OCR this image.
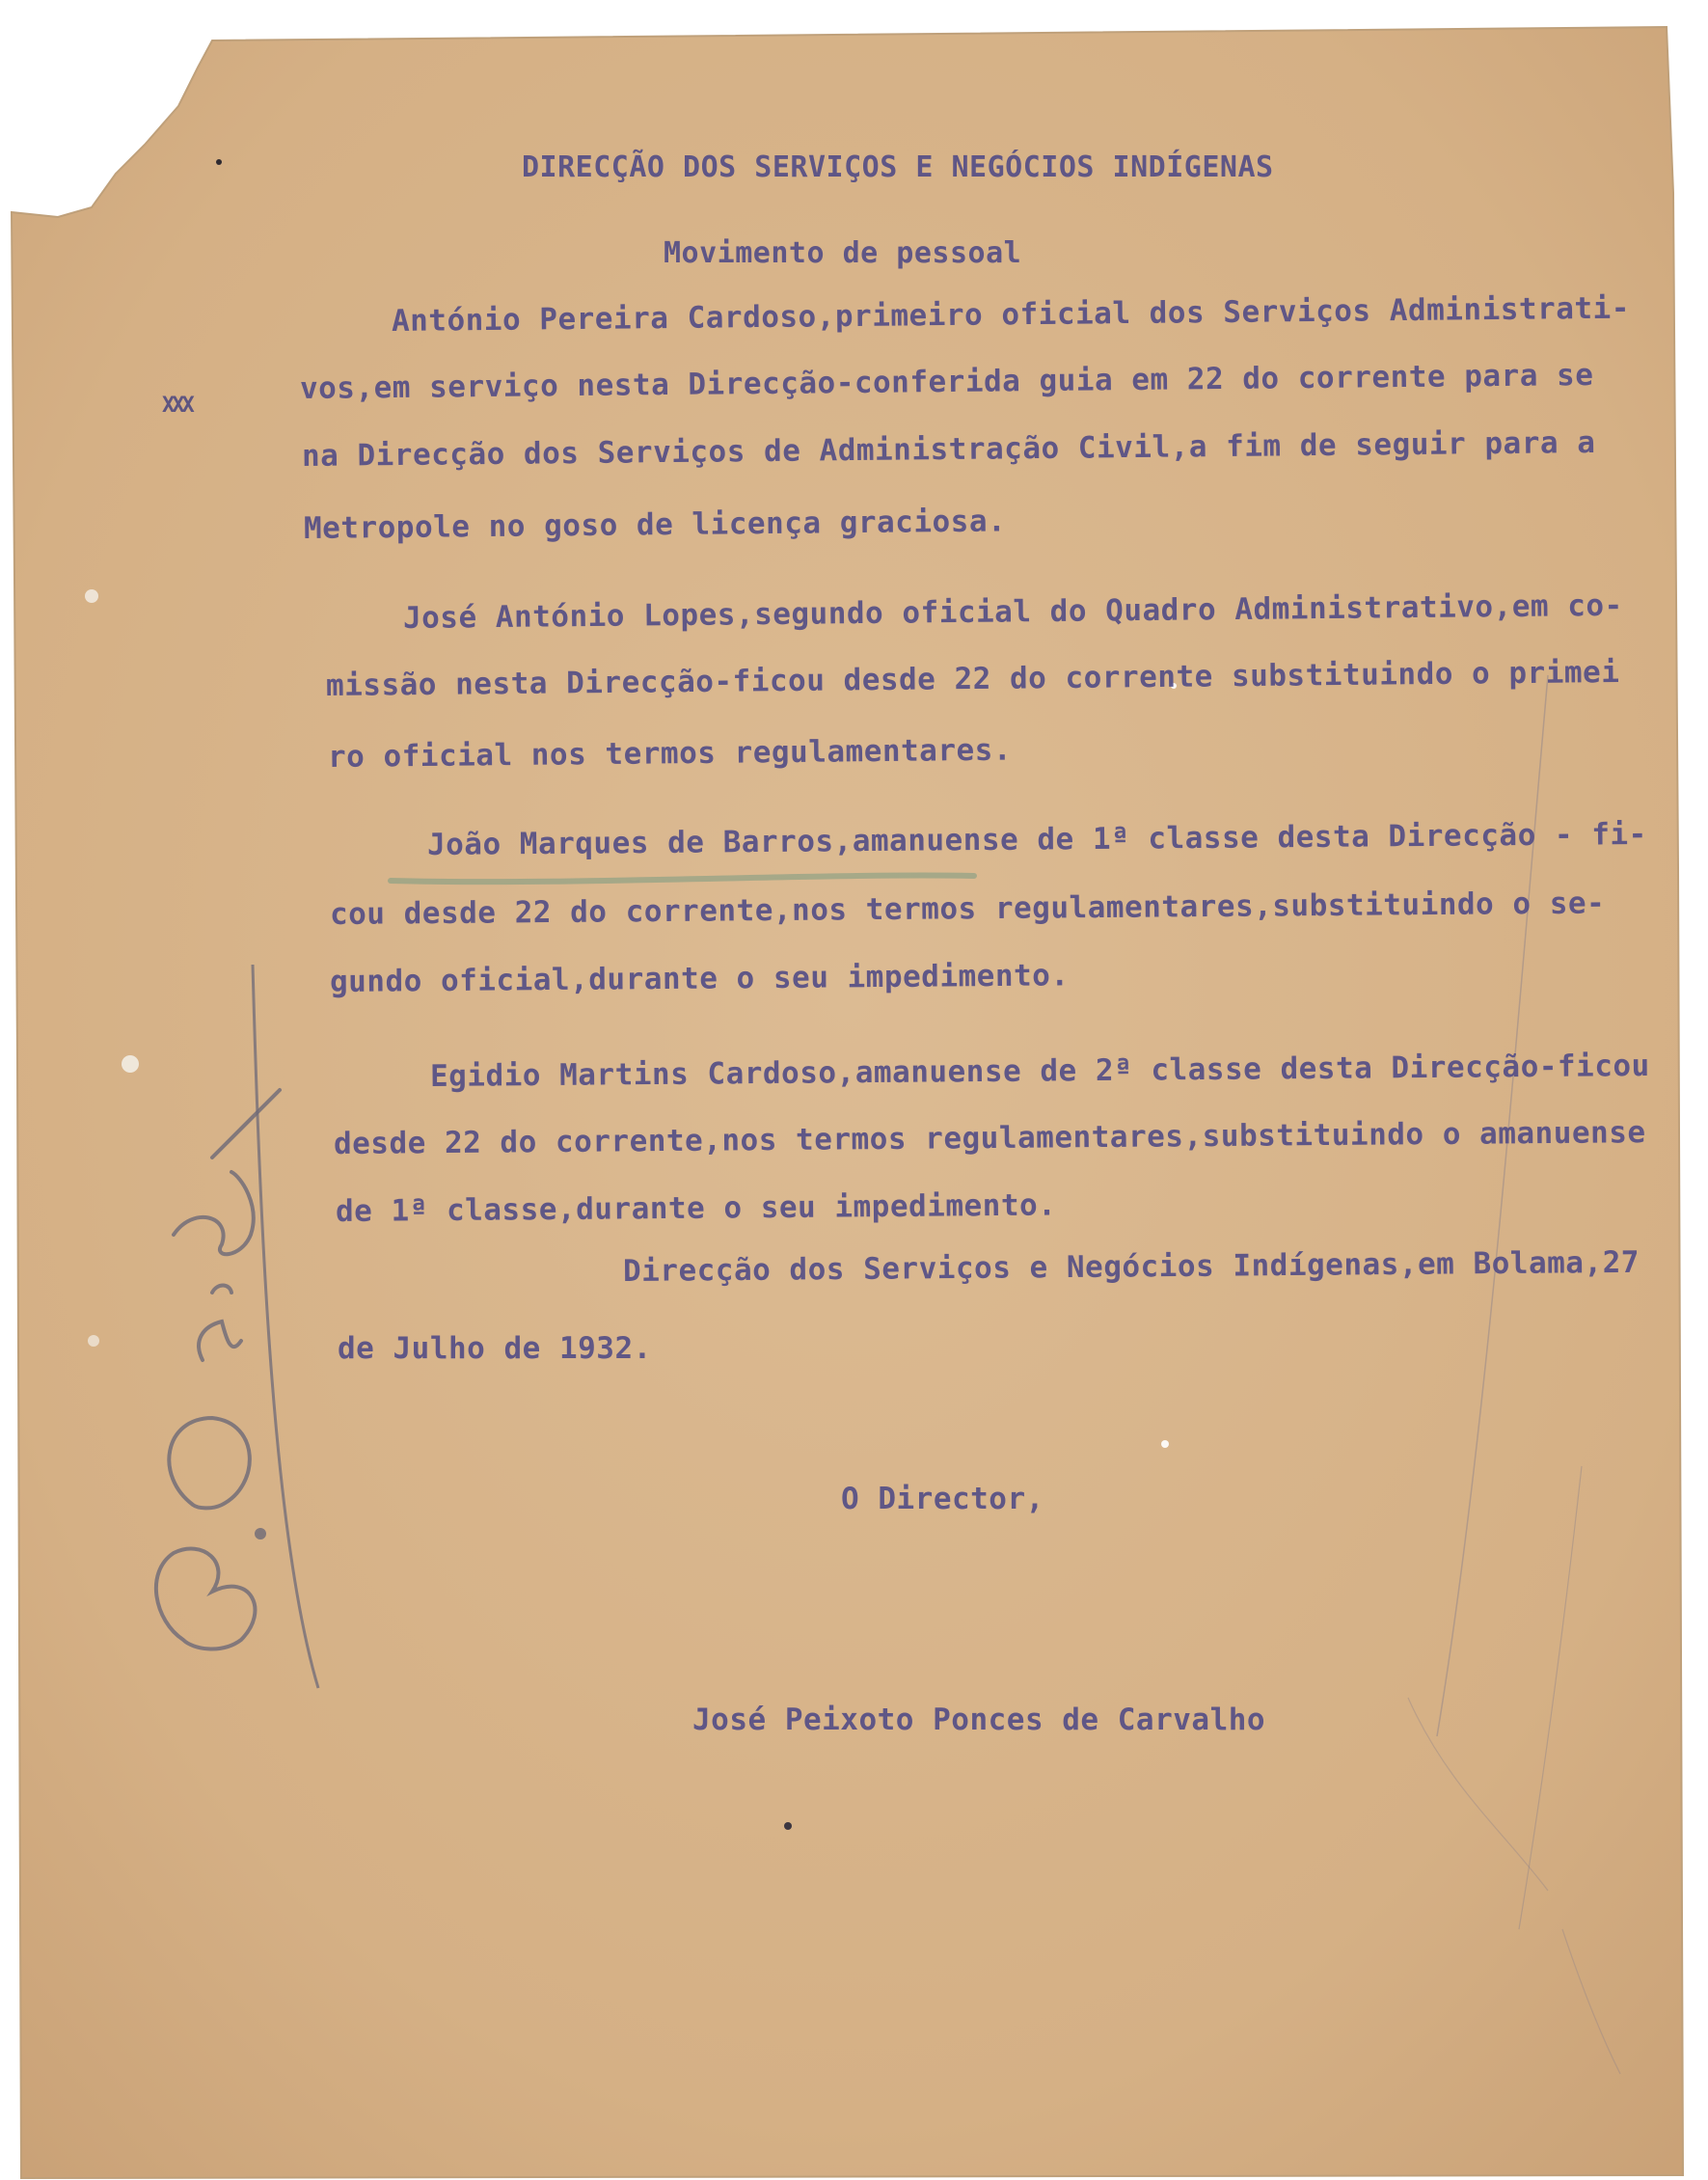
XXX
DIRECÇÃO DOS SERVIÇOS E NEGÓCIOS INDÍGENAS
Movimento de pessoal
António Pereira Cardoso,primeiro oficial dos Serviços Administrati-
vos,em serviço nesta Direcção-conferida guia em 22 do corrente para se
na Direcção dos Serviços de Administração Civil,a fim de seguir para a
Metropole no goso de licença graciosa.
José António Lopes,segundo oficial do Quadro Administrativo,em co-
missão nesta Direcção-ficou desde 22 do corrente substituindo o primei
ro oficial nos termos regulamentares.
João Marques de Barros,amanuense de 1ª classe desta Direcção - fi-
cou desde 22 do corrente,nos termos regulamentares,substituindo o se-
gundo oficial,durante o seu impedimento.
Egidio Martins Cardoso,amanuense de 2ª classe desta Direcção-ficou
desde 22 do corrente,nos termos regulamentares,substituindo o amanuense
de 1ª classe,durante o seu impedimento.
Direcção dos Serviços e Negócios Indígenas,em Bolama,27
de Julho de 1932.
O Director,
José Peixoto Ponces de Carvalho
